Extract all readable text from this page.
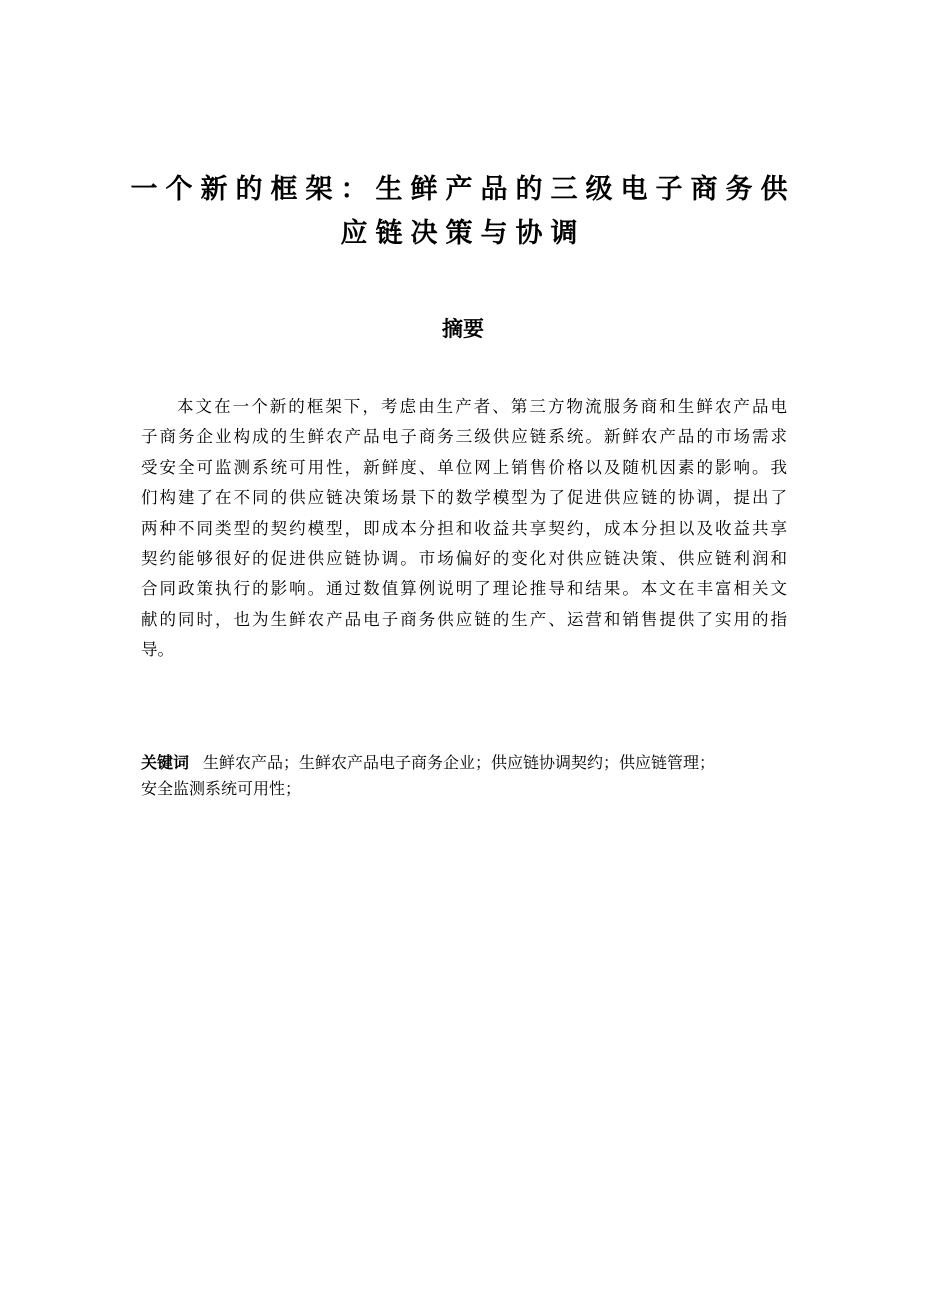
一个新的框架：生鲜产品的三级电子商务供
应链决策与协调
摘要
本文在一个新的框架下，考虑由生产者、第三方物流服务商和生鲜农产品电
子商务企业构成的生鲜农产品电子商务三级供应链系统。新鲜农产品的市场需求
受安全可监测系统可用性，新鲜度、单位网上销售价格以及随机因素的影响。我
们构建了在不同的供应链决策场景下的数学模型为了促进供应链的协调，提出了
两种不同类型的契约模型，即成本分担和收益共享契约，成本分担以及收益共享
契约能够很好的促进供应链协调。市场偏好的变化对供应链决策、供应链利润和
合同政策执行的影响。通过数值算例说明了理论推导和结果。本文在丰富相关文
献的同时，也为生鲜农产品电子商务供应链的生产、运营和销售提供了实用的指
导。
关键词 生鲜农产品；生鲜农产品电子商务企业；供应链协调契约；供应链管理；
安全监测系统可用性；
